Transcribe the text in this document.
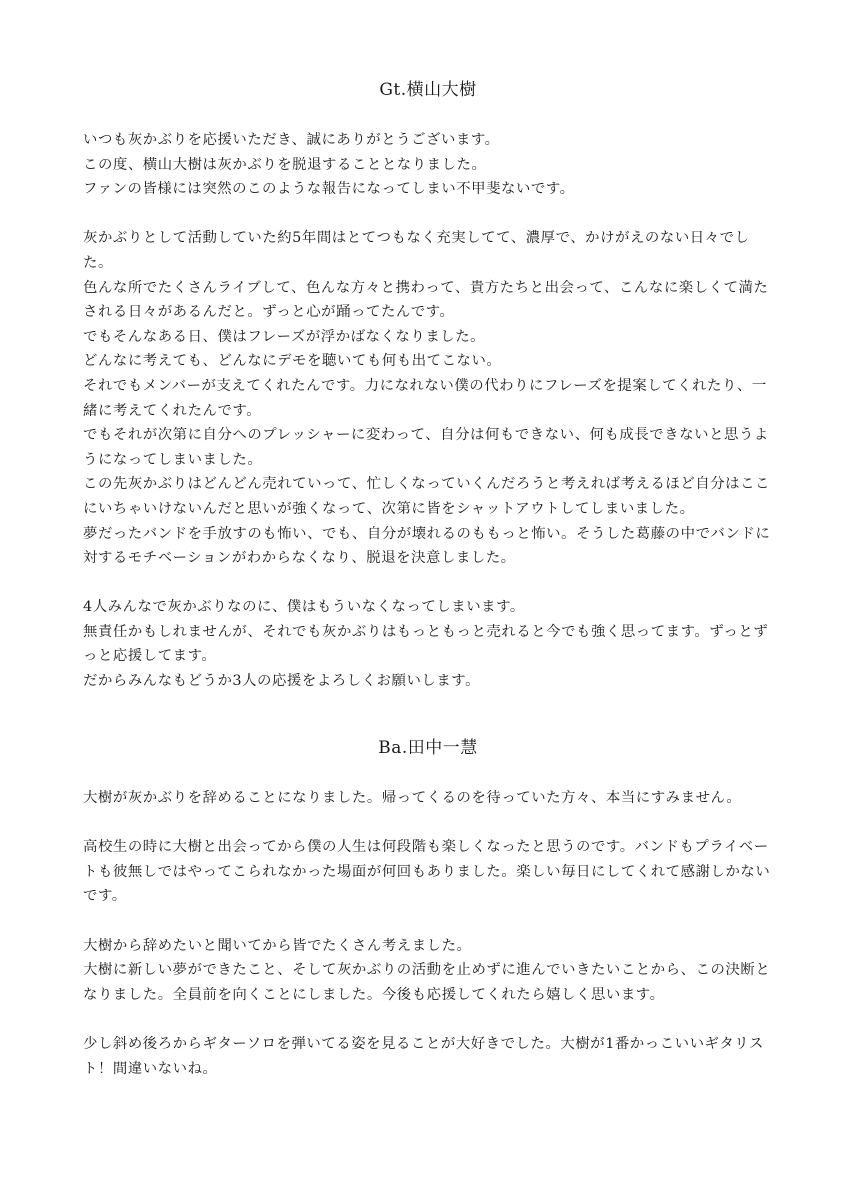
Gt.横山大樹

いつも灰かぶりを応援いただき、誠にありがとうございます。

この度、横山大樹は灰かぶりを脱退することとなりました。

ファンの皆様には突然のこのような報告になってしまい不甲斐ないです。

灰かぶりとして活動していた約5年間はとてつもなく充実してて、濃厚で、かけがえのない日々でした。

色んな所でたくさんライブして、色んな方々と携わって、貴方たちと出会って、こんなに楽しくて満たされる日々があるんだと。ずっと心が踊ってたんです。

でもそんなある日、僕はフレーズが浮かばなくなりました。

どんなに考えても、どんなにデモを聴いても何も出てこない。

それでもメンバーが支えてくれたんです。力になれない僕の代わりにフレーズを提案してくれたり、一緒に考えてくれたんです。

でもそれが次第に自分へのプレッシャーに変わって、自分は何もできない、何も成長できないと思うようになってしまいました。

この先灰かぶりはどんどん売れていって、忙しくなっていくんだろうと考えれば考えるほど自分はここにいちゃいけないんだと思いが強くなって、次第に皆をシャットアウトしてしまいました。

夢だったバンドを手放すのも怖い、でも、自分が壊れるのももっと怖い。そうした葛藤の中でバンドに対するモチベーションがわからなくなり、脱退を決意しました。

4人みんなで灰かぶりなのに、僕はもういなくなってしまいます。

無責任かもしれませんが、それでも灰かぶりはもっともっと売れると今でも強く思ってます。ずっとずっと応援してます。

だからみんなもどうか3人の応援をよろしくお願いします。

Ba.田中一慧

大樹が灰かぶりを辞めることになりました。帰ってくるのを待っていた方々、本当にすみません。

高校生の時に大樹と出会ってから僕の人生は何段階も楽しくなったと思うのです。バンドもプライベートも彼無しではやってこられなかった場面が何回もありました。楽しい毎日にしてくれて感謝しかないです。

大樹から辞めたいと聞いてから皆でたくさん考えました。

大樹に新しい夢ができたこと、そして灰かぶりの活動を止めずに進んでいきたいことから、この決断となりました。全員前を向くことにしました。今後も応援してくれたら嬉しく思います。

少し斜め後ろからギターソロを弾いてる姿を見ることが大好きでした。大樹が1番かっこいいギタリスト！間違いないね。
